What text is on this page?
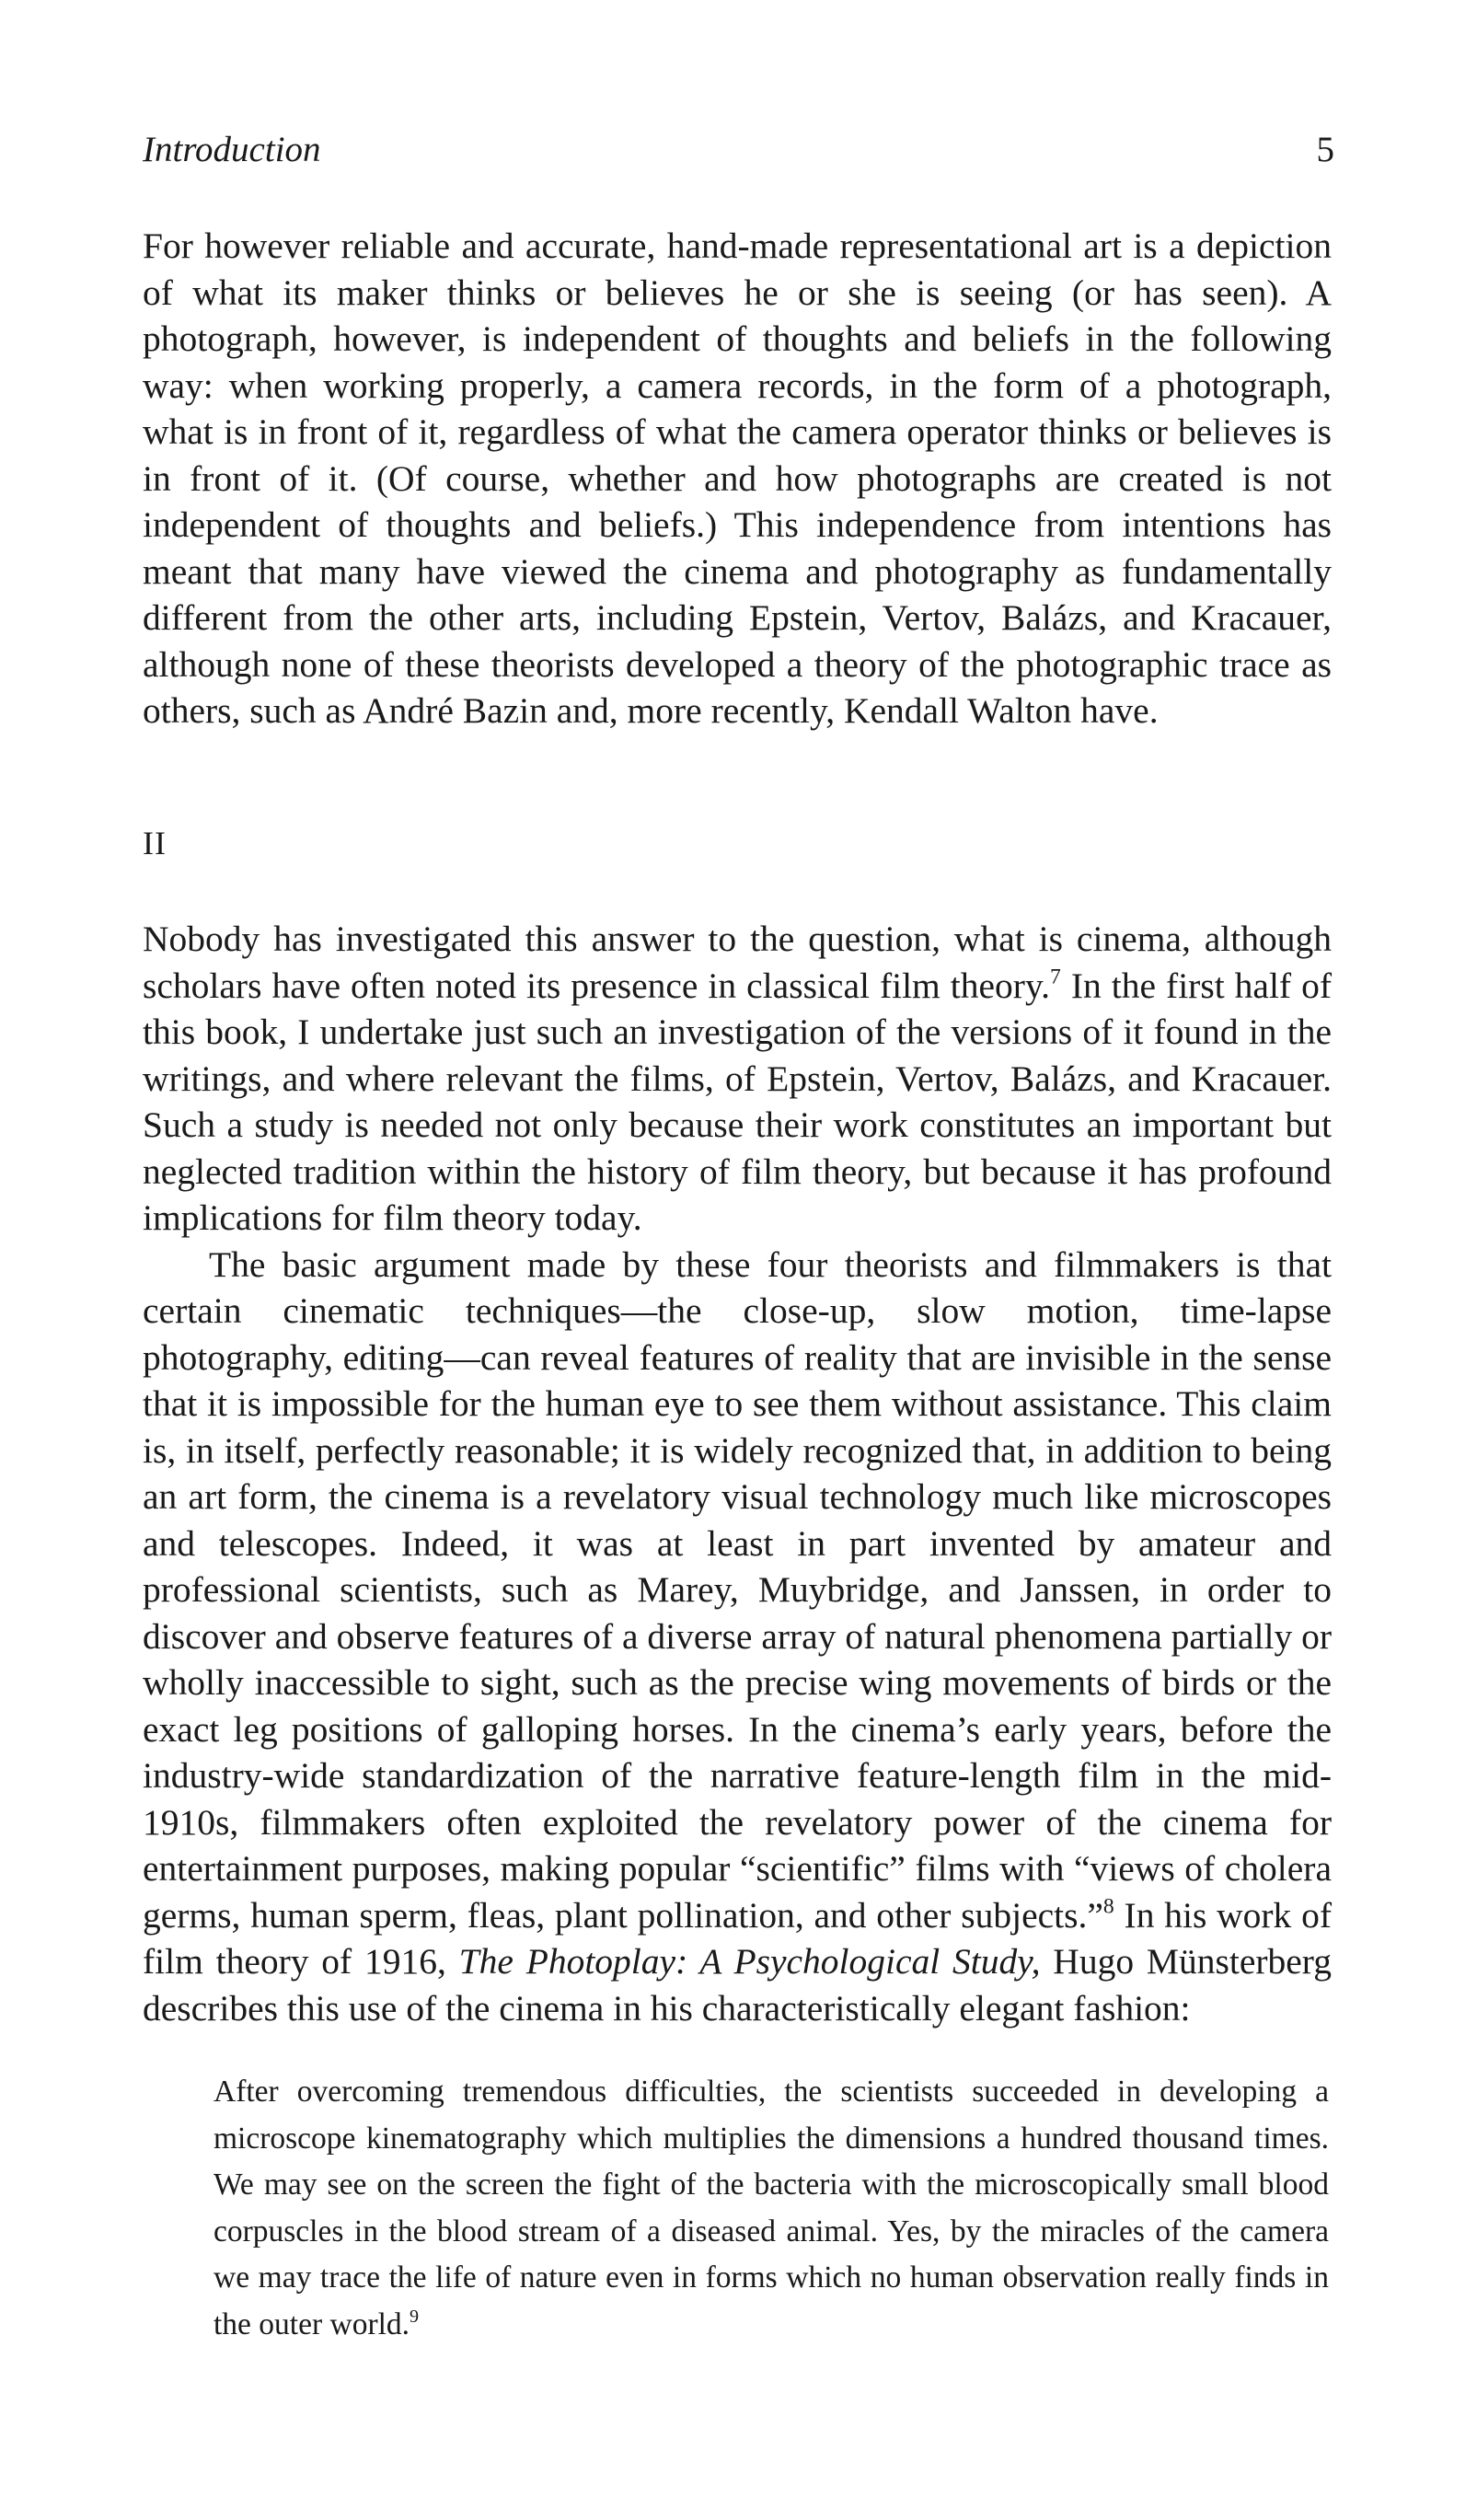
Introduction	5

For however reliable and accurate, hand-made representational art is a depiction of what its maker thinks or believes he or she is seeing (or has seen). A photograph, however, is independent of thoughts and beliefs in the following way: when working properly, a camera records, in the form of a photograph, what is in front of it, regardless of what the camera operator thinks or believes is in front of it. (Of course, whether and how photographs are created is not independent of thoughts and beliefs.) This independence from intentions has meant that many have viewed the cinema and photography as fundamentally different from the other arts, including Epstein, Vertov, Balázs, and Kracauer, although none of these theorists developed a theory of the photographic trace as others, such as André Bazin and, more recently, Kendall Walton have.

II

Nobody has investigated this answer to the question, what is cinema, although scholars have often noted its presence in classical film theory.$^7$ In the first half of this book, I undertake just such an investigation of the versions of it found in the writings, and where relevant the films, of Epstein, Vertov, Balázs, and Kracauer. Such a study is needed not only because their work constitutes an important but neglected tradition within the history of film theory, but because it has profound implications for film theory today.

The basic argument made by these four theorists and filmmakers is that certain cinematic techniques—the close-up, slow motion, time-lapse photography, editing—can reveal features of reality that are invisible in the sense that it is impossible for the human eye to see them without assistance. This claim is, in itself, perfectly reasonable; it is widely recognized that, in addition to being an art form, the cinema is a revelatory visual technology much like microscopes and telescopes. Indeed, it was at least in part invented by amateur and professional scientists, such as Marey, Muybridge, and Janssen, in order to discover and observe features of a diverse array of natural phenomena partially or wholly inaccessible to sight, such as the precise wing movements of birds or the exact leg positions of galloping horses. In the cinema’s early years, before the industry-wide standardization of the narrative feature-length film in the mid-1910s, filmmakers often exploited the revelatory power of the cinema for entertainment purposes, making popular “scientific” films with “views of cholera germs, human sperm, fleas, plant pollination, and other subjects.”$^8$ In his work of film theory of 1916, The Photoplay: A Psychological Study, Hugo Münsterberg describes this use of the cinema in his characteristically elegant fashion:

After overcoming tremendous difficulties, the scientists succeeded in developing a microscope kinematography which multiplies the dimensions a hundred thousand times. We may see on the screen the fight of the bacteria with the microscopically small blood corpuscles in the blood stream of a diseased animal. Yes, by the miracles of the camera we may trace the life of nature even in forms which no human observation really finds in the outer world.$^9$
